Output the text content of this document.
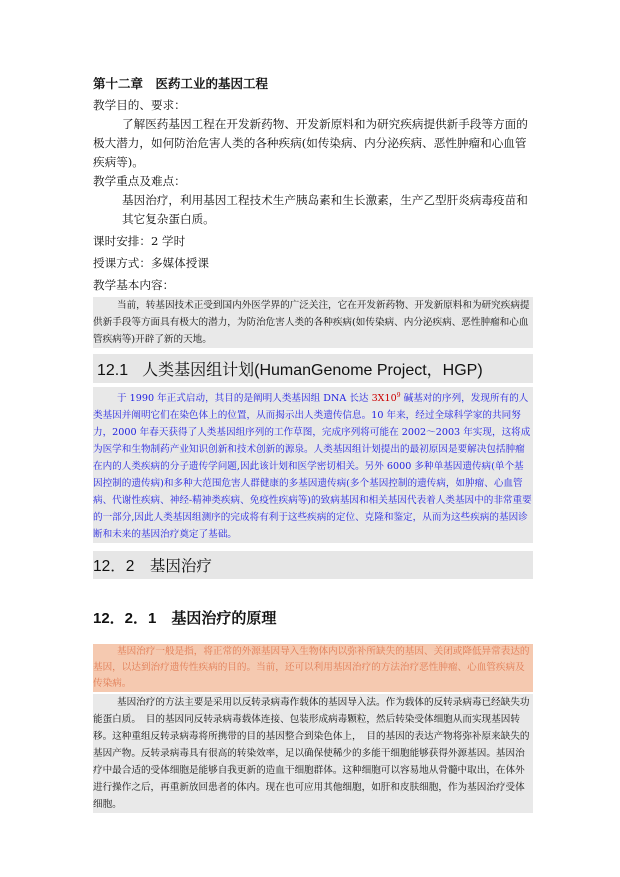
第十二章　医药工业的基因工程

教学目的、要求：

了解医药基因工程在开发新药物、开发新原料和为研究疾病提供新手段等方面的极大潜力，如何防治危害人类的各种疾病(如传染病、内分泌疾病、恶性肿瘤和心血管疾病等)。

教学重点及难点：

基因治疗，利用基因工程技术生产胰岛素和生长激素，生产乙型肝炎病毒疫苗和其它复杂蛋白质。

课时安排：2 学时

授课方式：多媒体授课

教学基本内容：

当前，转基因技术正受到国内外医学界的广泛关注，它在开发新药物、开发新原料和为研究疾病提供新手段等方面具有极大的潜力，为防治危害人类的各种疾病(如传染病、内分泌疾病、恶性肿瘤和心血管疾病等)开辟了新的天地。

12.1 人类基因组计划(HumanGenome Project，HGP)

于 1990 年正式启动，其目的是阐明人类基因组 DNA 长达 $3X10^9$ 碱基对的序列，发现所有的人类基因并阐明它们在染色体上的位置，从而揭示出人类遗传信息。10 年来，经过全球科学家的共同努力，2000 年春天获得了人类基因组序列的工作草图，完成序列将可能在 2002～2003 年实现，这将成为医学和生物制药产业知识创新和技术创新的源泉。人类基因组计划提出的最初原因是要解决包括肿瘤在内的人类疾病的分子遗传学问题,因此该计划和医学密切相关。另外 6000 多种单基因遗传病(单个基因控制的遗传病)和多种大范围危害人群健康的多基因遗传病(多个基因控制的遗传病，如肿瘤、心血管病、代谢性疾病、神经-精神类疾病、免疫性疾病等)的致病基因和相关基因代表着人类基因中的非常重要的一部分,因此人类基因组测序的完成将有利于这些疾病的定位、克隆和鉴定，从而为这些疾病的基因诊断和未来的基因治疗奠定了基础。

12．2　基因治疗
12．2．1　基因治疗的原理

基因治疗一般是指，将正常的外源基因导入生物体内以弥补所缺失的基因、关闭或降低异常表达的基因，以达到治疗遗传性疾病的目的。当前，还可以利用基因治疗的方法治疗恶性肿瘤、心血管疾病及传染病。

基因治疗的方法主要是采用以反转录病毒作载体的基因导入法。作为载体的反转录病毒已经缺失功能蛋白质。　目的基因同反转录病毒载体连接、包装形成病毒颗粒，然后转染受体细胞从而实现基因转移。这种重组反转录病毒将所携带的目的基因整合到染色体上，　目的基因的表达产物将弥补原来缺失的基因产物。反转录病毒具有很高的转染效率，足以确保使稀少的多能干细胞能够获得外源基因。基因治疗中最合适的受体细胞是能够自我更新的造血干细胞群体。这种细胞可以容易地从骨髓中取出，在体外进行操作之后，再重新放回患者的体内。现在也可应用其他细胞，如肝和皮肤细胞，作为基因治疗受体细胞。
